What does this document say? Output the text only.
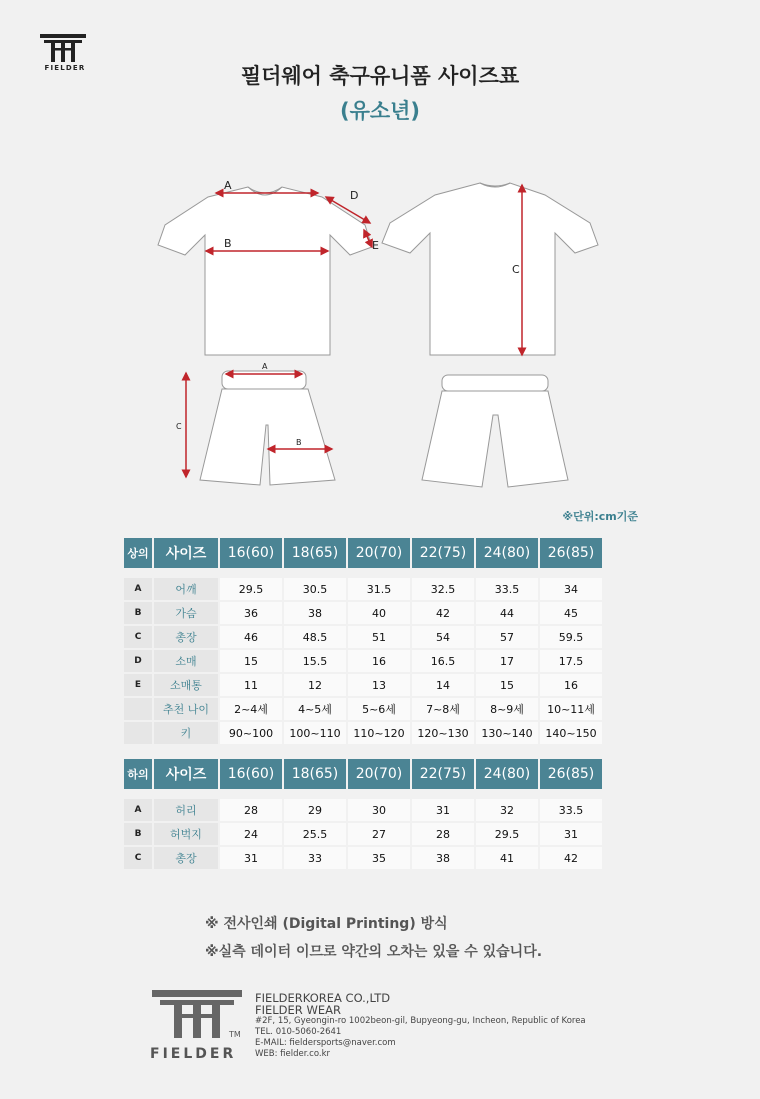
FIELDER	필더웨어 축구유니폼 사이즈표
(유소년)
A
B
D
E
C
A
C
B
※단위:cm기준
상의	사이즈	16(60)	18(65)	20(70)	22(75)	24(80)	26(85)

A	어깨	29.5	30.5	31.5	32.5	33.5	34
B	가슴	36	38	40	42	44	45
C	총장	46	48.5	51	54	57	59.5
D	소매	15	15.5	16	16.5	17	17.5
E	소매통	11	12	13	14	15	16
	추천 나이	2~4세	4~5세	5~6세	7~8세	8~9세	10~11세
	키	90~100	100~110	110~120	120~130	130~140	140~150
하의	사이즈	16(60)	18(65)	20(70)	22(75)	24(80)	26(85)

A	허리	28	29	30	31	32	33.5
B	허벅지	24	25.5	27	28	29.5	31
C	총장	31	33	35	38	41	42
※ 전사인쇄 (Digital Printing) 방식
※실측 데이터 이므로 약간의 오차는 있을 수 있습니다.
TM
FIELDER
FIELDERKOREA CO.,LTD
FIELDER WEAR
#2F, 15, Gyeongin-ro 1002beon-gil, Bupyeong-gu, Incheon, Republic of Korea
TEL. 010-5060-2641
E-MAIL: fieldersports@naver.com
WEB: fielder.co.kr
